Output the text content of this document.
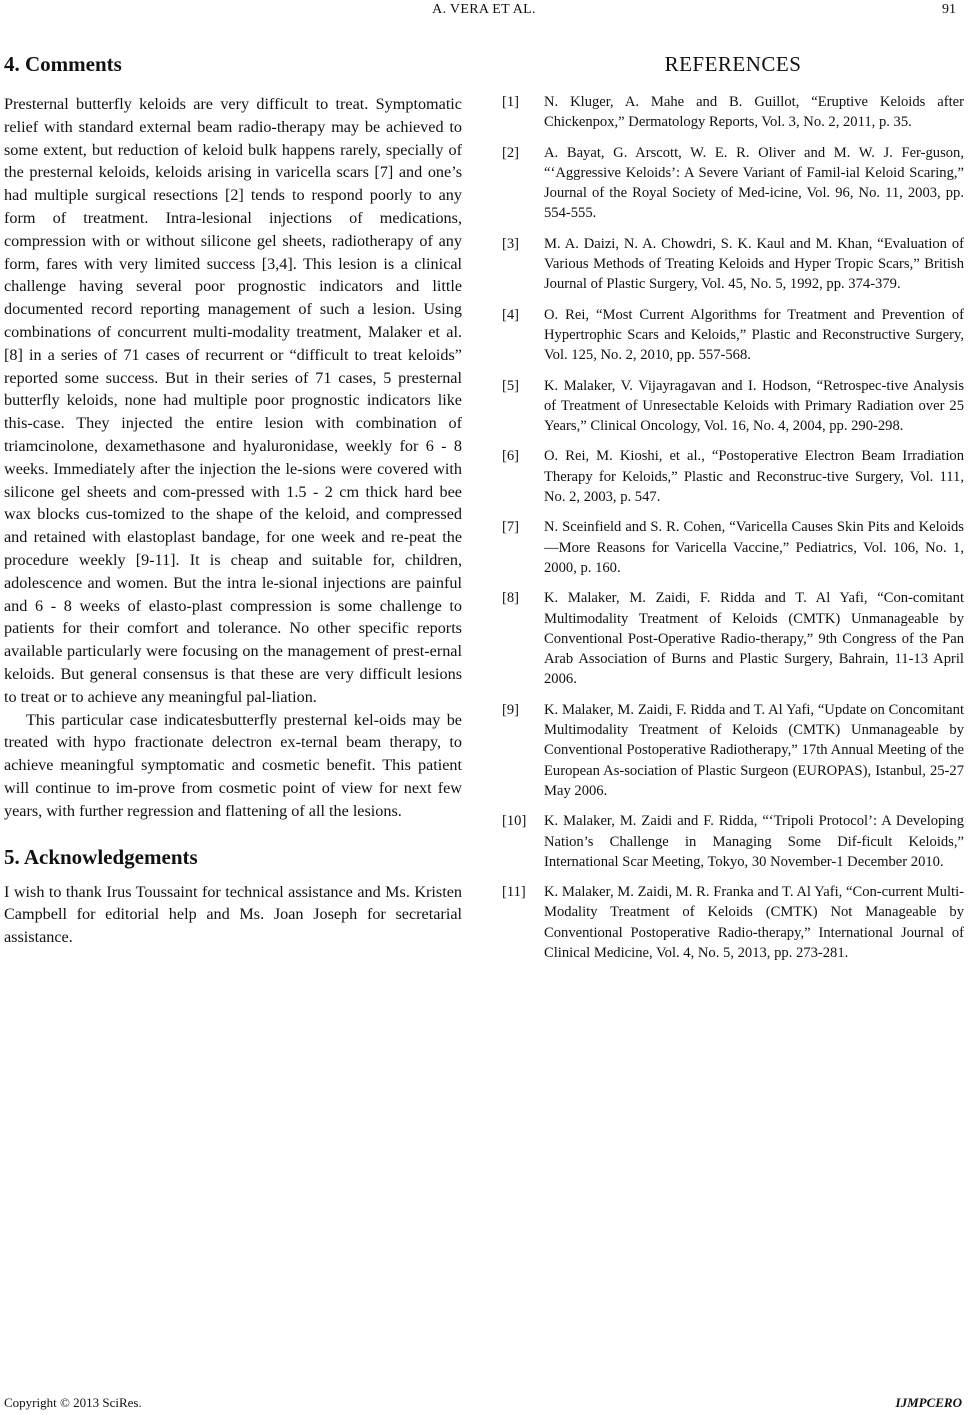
A. VERA ET AL.	91
4. Comments

Presternal butterfly keloids are very difficult to treat. Symptomatic relief with standard external beam radio-therapy may be achieved to some extent, but reduction of keloid bulk happens rarely, specially of the presternal keloids, keloids arising in varicella scars [7] and one’s had multiple surgical resections [2] tends to respond poorly to any form of treatment. Intra-lesional injections of medications, compression with or without silicone gel sheets, radiotherapy of any form, fares with very limited success [3,4]. This lesion is a clinical challenge having several poor prognostic indicators and little documented record reporting management of such a lesion. Using combinations of concurrent multi-modality treatment, Malaker et al. [8] in a series of 71 cases of recurrent or “difficult to treat keloids” reported some success. But in their series of 71 cases, 5 presternal butterfly keloids, none had multiple poor prognostic indicators like this-case. They injected the entire lesion with combination of triamcinolone, dexamethasone and hyaluronidase, weekly for 6 - 8 weeks. Immediately after the injection the le-sions were covered with silicone gel sheets and com-pressed with 1.5 - 2 cm thick hard bee wax blocks cus-tomized to the shape of the keloid, and compressed and retained with elastoplast bandage, for one week and re-peat the procedure weekly [9-11]. It is cheap and suitable for, children, adolescence and women. But the intra le-sional injections are painful and 6 - 8 weeks of elasto-plast compression is some challenge to patients for their comfort and tolerance. No other specific reports available particularly were focusing on the management of prest-ernal keloids. But general consensus is that these are very difficult lesions to treat or to achieve any meaningful pal-liation.

This particular case indicatesbutterfly presternal kel-oids may be treated with hypo fractionate delectron ex-ternal beam therapy, to achieve meaningful symptomatic and cosmetic benefit. This patient will continue to im-prove from cosmetic point of view for next few years, with further regression and flattening of all the lesions.

5. Acknowledgements

I wish to thank Irus Toussaint for technical assistance and Ms. Kristen Campbell for editorial help and Ms. Joan Joseph for secretarial assistance.

REFERENCES
[1]	N. Kluger, A. Mahe and B. Guillot, “Eruptive Keloids after Chickenpox,” Dermatology Reports, Vol. 3, No. 2, 2011, p. 35.
[2]	A. Bayat, G. Arscott, W. E. R. Oliver and M. W. J. Fer-guson, “‘Aggressive Keloids’: A Severe Variant of Famil-ial Keloid Scaring,” Journal of the Royal Society of Med-icine, Vol. 96, No. 11, 2003, pp. 554-555.
[3]	M. A. Daizi, N. A. Chowdri, S. K. Kaul and M. Khan, “Evaluation of Various Methods of Treating Keloids and Hyper Tropic Scars,” British Journal of Plastic Surgery, Vol. 45, No. 5, 1992, pp. 374-379.
[4]	O. Rei, “Most Current Algorithms for Treatment and Prevention of Hypertrophic Scars and Keloids,” Plastic and Reconstructive Surgery, Vol. 125, No. 2, 2010, pp. 557-568.
[5]	K. Malaker, V. Vijayragavan and I. Hodson, “Retrospec-tive Analysis of Treatment of Unresectable Keloids with Primary Radiation over 25 Years,” Clinical Oncology, Vol. 16, No. 4, 2004, pp. 290-298.
[6]	O. Rei, M. Kioshi, et al., “Postoperative Electron Beam Irradiation Therapy for Keloids,” Plastic and Reconstruc-tive Surgery, Vol. 111, No. 2, 2003, p. 547.
[7]	N. Sceinfield and S. R. Cohen, “Varicella Causes Skin Pits and Keloids—More Reasons for Varicella Vaccine,” Pediatrics, Vol. 106, No. 1, 2000, p. 160.
[8]	K. Malaker, M. Zaidi, F. Ridda and T. Al Yafi, “Con-comitant Multimodality Treatment of Keloids (CMTK) Unmanageable by Conventional Post-Operative Radio-therapy,” 9th Congress of the Pan Arab Association of Burns and Plastic Surgery, Bahrain, 11-13 April 2006.
[9]	K. Malaker, M. Zaidi, F. Ridda and T. Al Yafi, “Update on Concomitant Multimodality Treatment of Keloids (CMTK) Unmanageable by Conventional Postoperative Radiotherapy,” 17th Annual Meeting of the European As-sociation of Plastic Surgeon (EUROPAS), Istanbul, 25-27 May 2006.
[10]	K. Malaker, M. Zaidi and F. Ridda, “‘Tripoli Protocol’: A Developing Nation’s Challenge in Managing Some Dif-ficult Keloids,” International Scar Meeting, Tokyo, 30 November-1 December 2010.
[11]	K. Malaker, M. Zaidi, M. R. Franka and T. Al Yafi, “Con-current Multi-Modality Treatment of Keloids (CMTK) Not Manageable by Conventional Postoperative Radio-therapy,” International Journal of Clinical Medicine, Vol. 4, No. 5, 2013, pp. 273-281.
Copyright © 2013 SciRes.	IJMPCERO
